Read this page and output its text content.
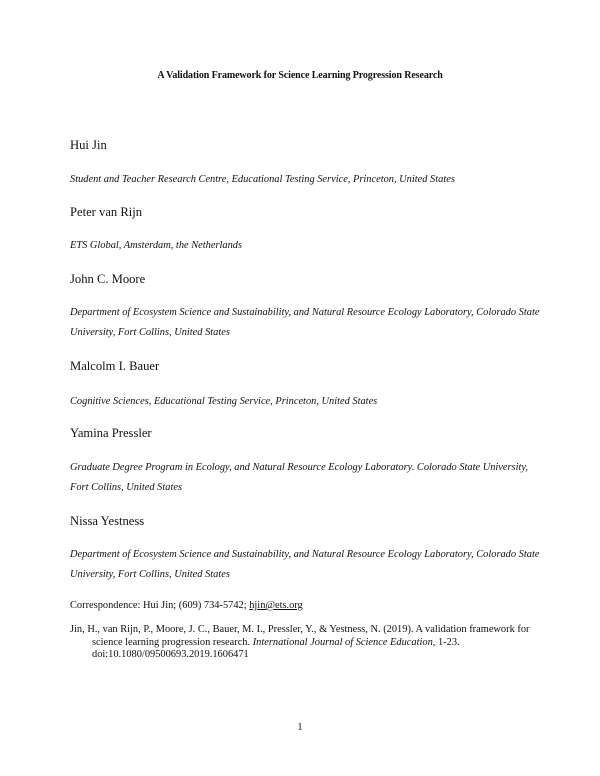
A Validation Framework for Science Learning Progression Research
Hui Jin
Student and Teacher Research Centre, Educational Testing Service, Princeton, United States
Peter van Rijn
ETS Global, Amsterdam, the Netherlands
John C. Moore
Department of Ecosystem Science and Sustainability, and Natural Resource Ecology Laboratory, Colorado State University, Fort Collins, United States
Malcolm I. Bauer
Cognitive Sciences, Educational Testing Service, Princeton, United States
Yamina Pressler
Graduate Degree Program in Ecology, and Natural Resource Ecology Laboratory. Colorado State University, Fort Collins, United States
Nissa Yestness
Department of Ecosystem Science and Sustainability, and Natural Resource Ecology Laboratory, Colorado State University, Fort Collins, United States
Correspondence: Hui Jin; (609) 734-5742; hjin@ets.org
Jin, H., van Rijn, P., Moore, J. C., Bauer, M. I., Pressler, Y., & Yestness, N. (2019). A validation framework for science learning progression research. International Journal of Science Education, 1-23. doi:10.1080/09500693.2019.1606471
1
